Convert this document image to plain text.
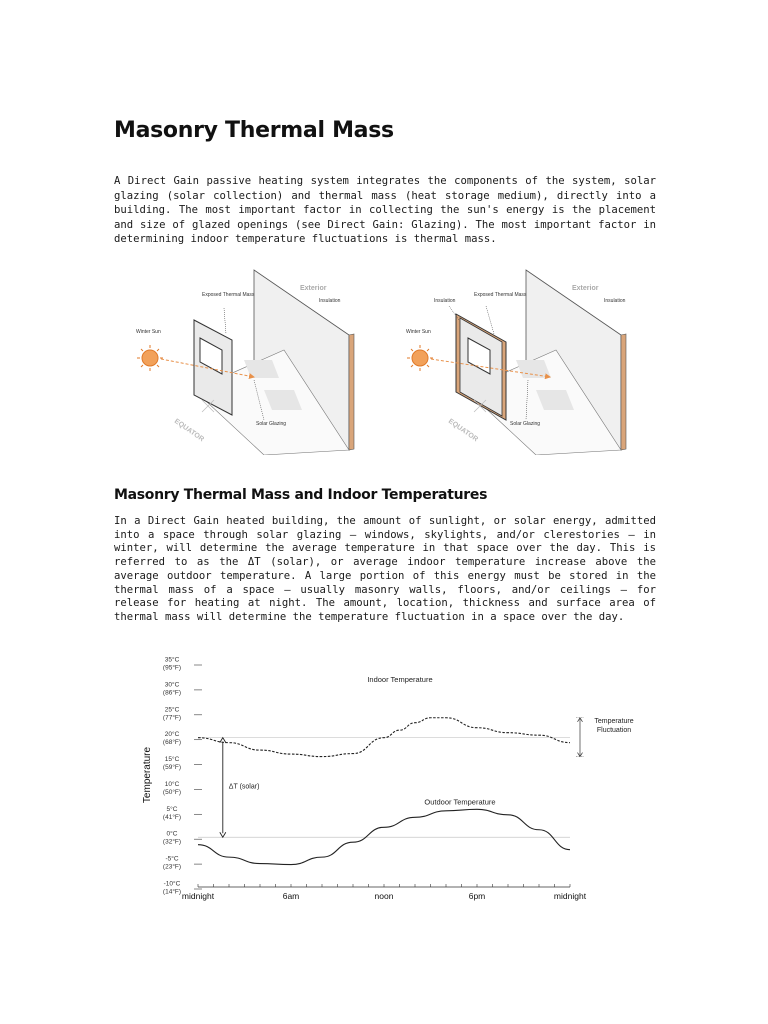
Masonry Thermal Mass
A Direct Gain passive heating system integrates the components of the system, solar glazing (solar collection) and thermal mass (heat storage medium), directly into a building. The most important factor in collecting the sun's energy is the placement and size of glazed openings (see Direct Gain: Glazing). The most important factor in determining indoor temperature fluctuations is thermal mass.
Exterior
Exposed Thermal Mass
Insulation
Winter Sun
Solar Glazing
EQUATOR
Exterior
Exposed Thermal Mass
Insulation	Insulation
Winter Sun
Solar Glazing
EQUATOR
Masonry Thermal Mass and Indoor Temperatures
In a Direct Gain heated building, the amount of sunlight, or solar energy, admitted into a space through solar glazing – windows, skylights, and/or clerestories – in winter, will determine the average temperature in that space over the day. This is referred to as the ΔT (solar), or average indoor temperature increase above the average outdoor temperature. A large portion of this energy must be stored in the thermal mass of a space – usually masonry walls, floors, and/or ceilings – for release for heating at night. The amount, location, thickness and surface area of thermal mass will determine the temperature fluctuation in a space over the day.
35°C
(95°F)
30°C
(86°F)
25°C
(77°F)
20°C
(68°F)
15°C
(59°F)
10°C
(50°F)
5°C
(41°F)
0°C
(32°F)
-5°C
(23°F)
-10°C
(14°F) midnight	6am	noon	6pm	midnight
Temperature
Indoor Temperature
Outdoor Temperature
ΔT (solar)
Temperature
Fluctuation
